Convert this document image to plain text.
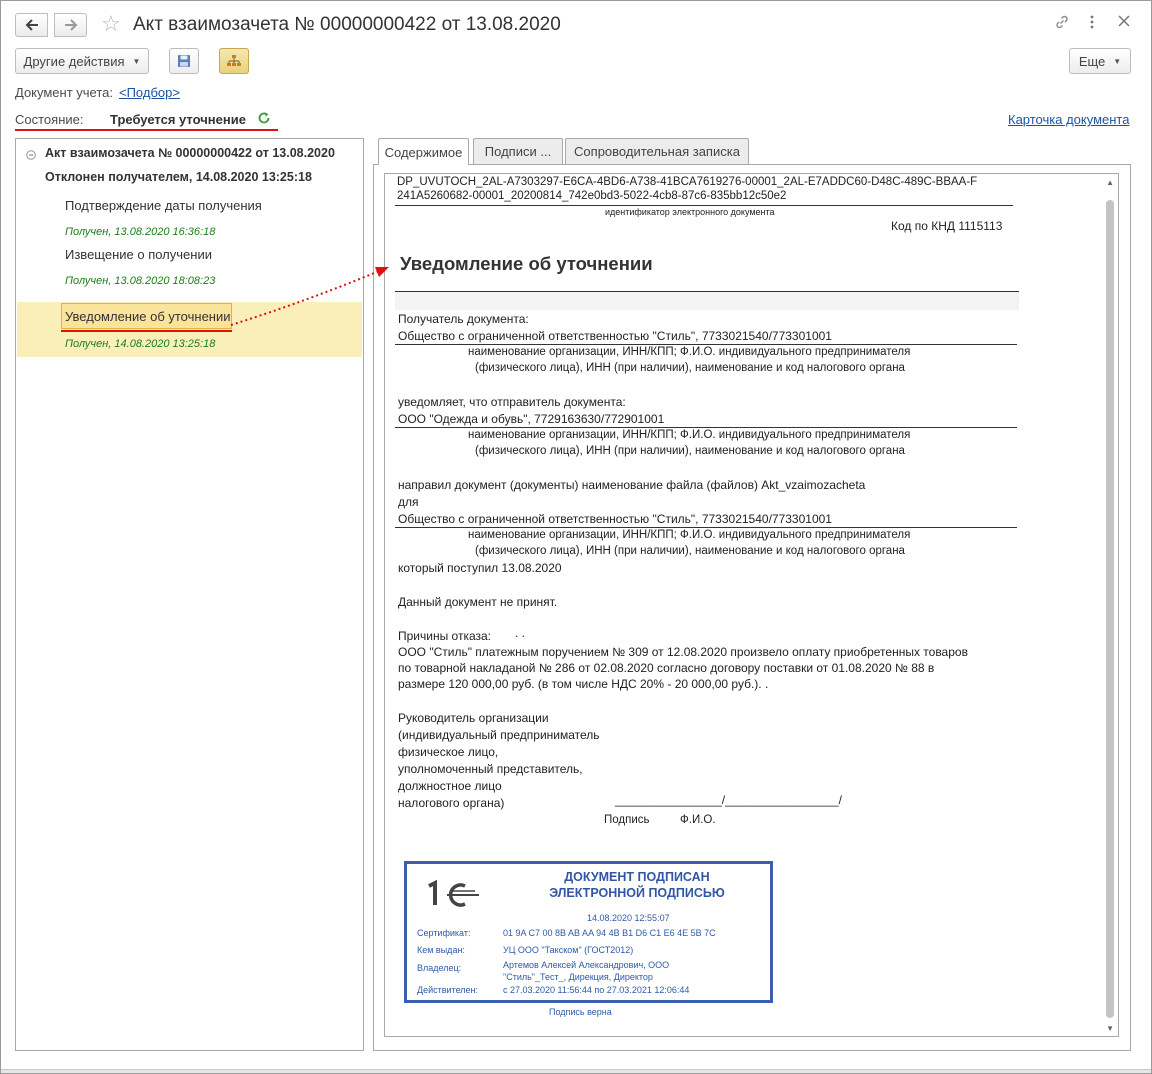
☆ Акт взаимозачета № 00000000422 от 13.08.2020
Другие действия ▼	Еще ▼
Документ учета: <Подбор>
Состояние: Требуется уточнение	Карточка документа
Акт взаимозачета № 00000000422 от 13.08.2020
Отклонен получателем, 14.08.2020 13:25:18
Подтверждение даты получения
Получен, 13.08.2020 16:36:18
Извещение о получении
Получен, 13.08.2020 18:08:23
Уведомление об уточнении
Получен, 14.08.2020 13:25:18
Содержимое Подписи ... Сопроводительная записка
▲
▼
DP_UVUTOCH_2AL-A7303297-E6CA-4BD6-A738-41BCA7619276-00001_2AL-E7ADDC60-D48C-489C-BBAA-F
241A5260682-00001_20200814_742e0bd3-5022-4cb8-87c6-835bb12c50e2
идентификатор электронного документа
Код по КНД 1115113
Уведомление об уточнении
Получатель документа:
Общество с ограниченной ответственностью "Стиль", 7733021540/773301001
наименование организации, ИНН/КПП; Ф.И.О. индивидуального предпринимателя
(физического лица), ИНН (при наличии), наименование и код налогового органа
уведомляет, что отправитель документа:
ООО "Одежда и обувь", 7729163630/772901001
наименование организации, ИНН/КПП; Ф.И.О. индивидуального предпринимателя
(физического лица), ИНН (при наличии), наименование и код налогового органа
направил документ (документы) наименование файла (файлов) Akt_vzaimozacheta
для
Общество с ограниченной ответственностью "Стиль", 7733021540/773301001
наименование организации, ИНН/КПП; Ф.И.О. индивидуального предпринимателя
(физического лица), ИНН (при наличии), наименование и код налогового органа
который поступил 13.08.2020
Данный документ не принят.
Причины отказа: . .
ООО "Стиль" платежным поручением № 309 от 12.08.2020 произвело оплату приобретенных товаров
по товарной накладаной № 286 от 02.08.2020 согласно договору поставки от 01.08.2020 № 88 в
размере 120 000,00 руб. (в том числе НДС 20% - 20 000,00 руб.). .
Руководитель организации
(индивидуальный предприниматель
физическое лицо,
уполномоченный представитель,
должностное лицо
налогового органа)	________________/_________________/
Подпись	Ф.И.О.
ДОКУМЕНТ ПОДПИСАН
ЭЛЕКТРОННОЙ ПОДПИСЬЮ
14.08.2020 12:55:07
Сертификат:	01 9A C7 00 8B AB AA 94 4B B1 D6 C1 E6 4E 5B 7C
Кем выдан:	УЦ ООО "Такском" (ГОСТ2012)
Владелец:	Артемов Алексей Александрович, ООО
"Стиль"_Тест_, Дирекция, Директор
Действителен:	с 27.03.2020 11:56:44 по 27.03.2021 12:06:44
Подпись верна
